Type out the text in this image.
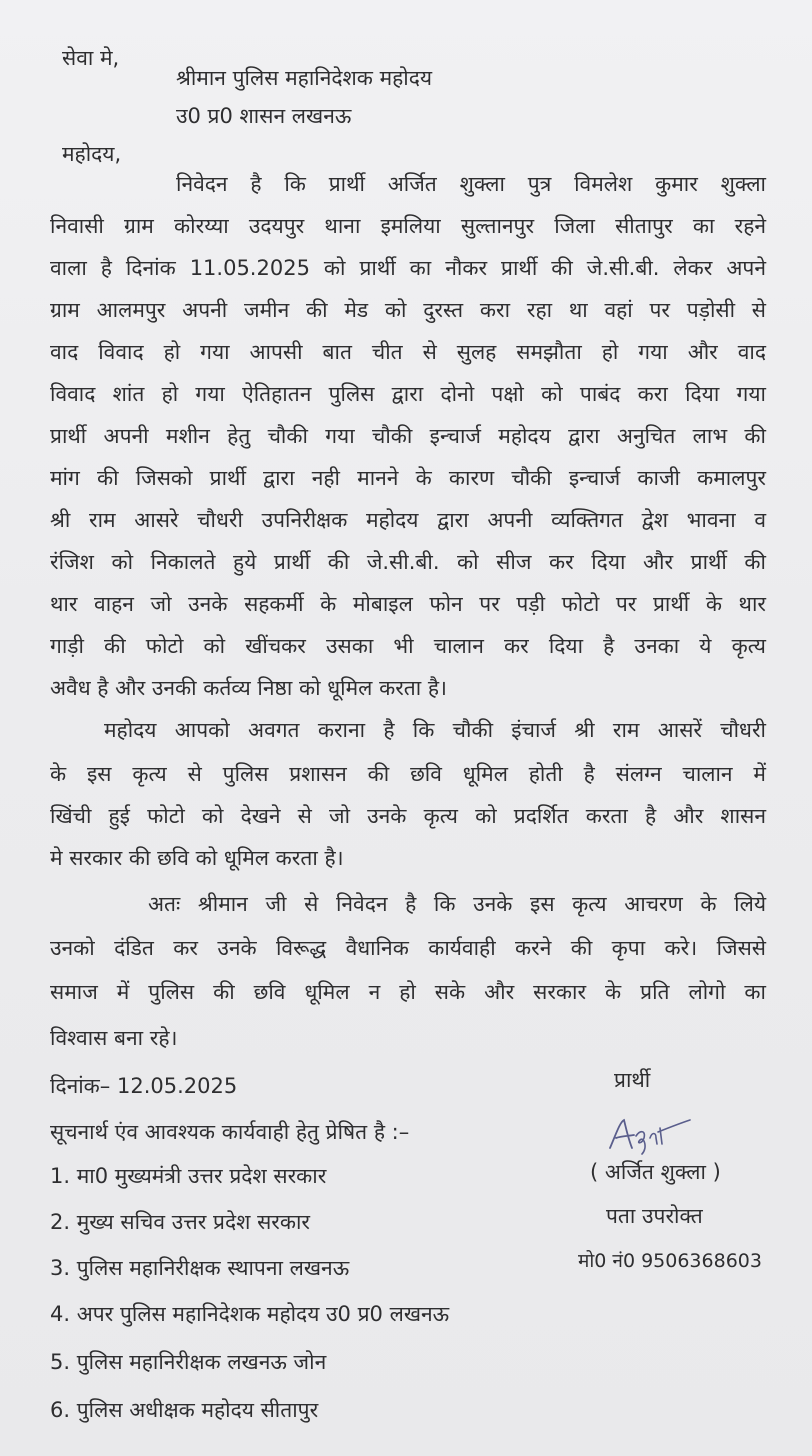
सेवा मे,
श्रीमान पुलिस महानिदेशक महोदय
उ0 प्र0 शासन लखनऊ
महोदय,
निवेदन है कि प्रार्थी अर्जित शुक्ला पुत्र विमलेश कुमार शुक्ला
निवासी ग्राम कोरय्या उदयपुर थाना इमलिया सुल्तानपुर जिला सीतापुर का रहने
वाला है दिनांक 11.05.2025 को प्रार्थी का नौकर प्रार्थी की जे.सी.बी. लेकर अपने
ग्राम आलमपुर अपनी जमीन की मेड को दुरस्त करा रहा था वहां पर पड़ोसी से
वाद विवाद हो गया आपसी बात चीत से सुलह समझौता हो गया और वाद
विवाद शांत हो गया ऐतिहातन पुलिस द्वारा दोनो पक्षो को पाबंद करा दिया गया
प्रार्थी अपनी मशीन हेतु चौकी गया चौकी इन्चार्ज महोदय द्वारा अनुचित लाभ की
मांग की जिसको प्रार्थी द्वारा नही मानने के कारण चौकी इन्चार्ज काजी कमालपुर
श्री राम आसरे चौधरी उपनिरीक्षक महोदय द्वारा अपनी व्यक्तिगत द्वेश भावना व
रंजिश को निकालते हुये प्रार्थी की जे.सी.बी. को सीज कर दिया और प्रार्थी की
थार वाहन जो उनके सहकर्मी के मोबाइल फोन पर पड़ी फोटो पर प्रार्थी के थार
गाड़ी की फोटो को खींचकर उसका भी चालान कर दिया है उनका ये कृत्य
अवैध है और उनकी कर्तव्य निष्ठा को धूमिल करता है।
महोदय आपको अवगत कराना है कि चौकी इंचार्ज श्री राम आसरें चौधरी
के इस कृत्य से पुलिस प्रशासन की छवि धूमिल होती है संलग्न चालान में
खिंची हुई फोटो को देखने से जो उनके कृत्य को प्रदर्शित करता है और शासन
मे सरकार की छवि को धूमिल करता है।
अतः श्रीमान जी से निवेदन है कि उनके इस कृत्य आचरण के लिये
उनको दंडित कर उनके विरूद्ध वैधानिक कार्यवाही करने की कृपा करे। जिससे
समाज में पुलिस की छवि धूमिल न हो सके और सरकार के प्रति लोगो का
विश्वास बना रहे।
दिनांक– 12.05.2025	प्रार्थी
( अर्जित शुक्ला )
पता उपरोक्त
मो0 नं0 9506368603
सूचनार्थ एंव आवश्यक कार्यवाही हेतु प्रेषित है :–
1. मा0 मुख्यमंत्री उत्तर प्रदेश सरकार
2. मुख्य सचिव उत्तर प्रदेश सरकार
3. पुलिस महानिरीक्षक स्थापना लखनऊ
4. अपर पुलिस महानिदेशक महोदय उ0 प्र0 लखनऊ
5. पुलिस महानिरीक्षक लखनऊ जोन
6. पुलिस अधीक्षक महोदय सीतापुर
